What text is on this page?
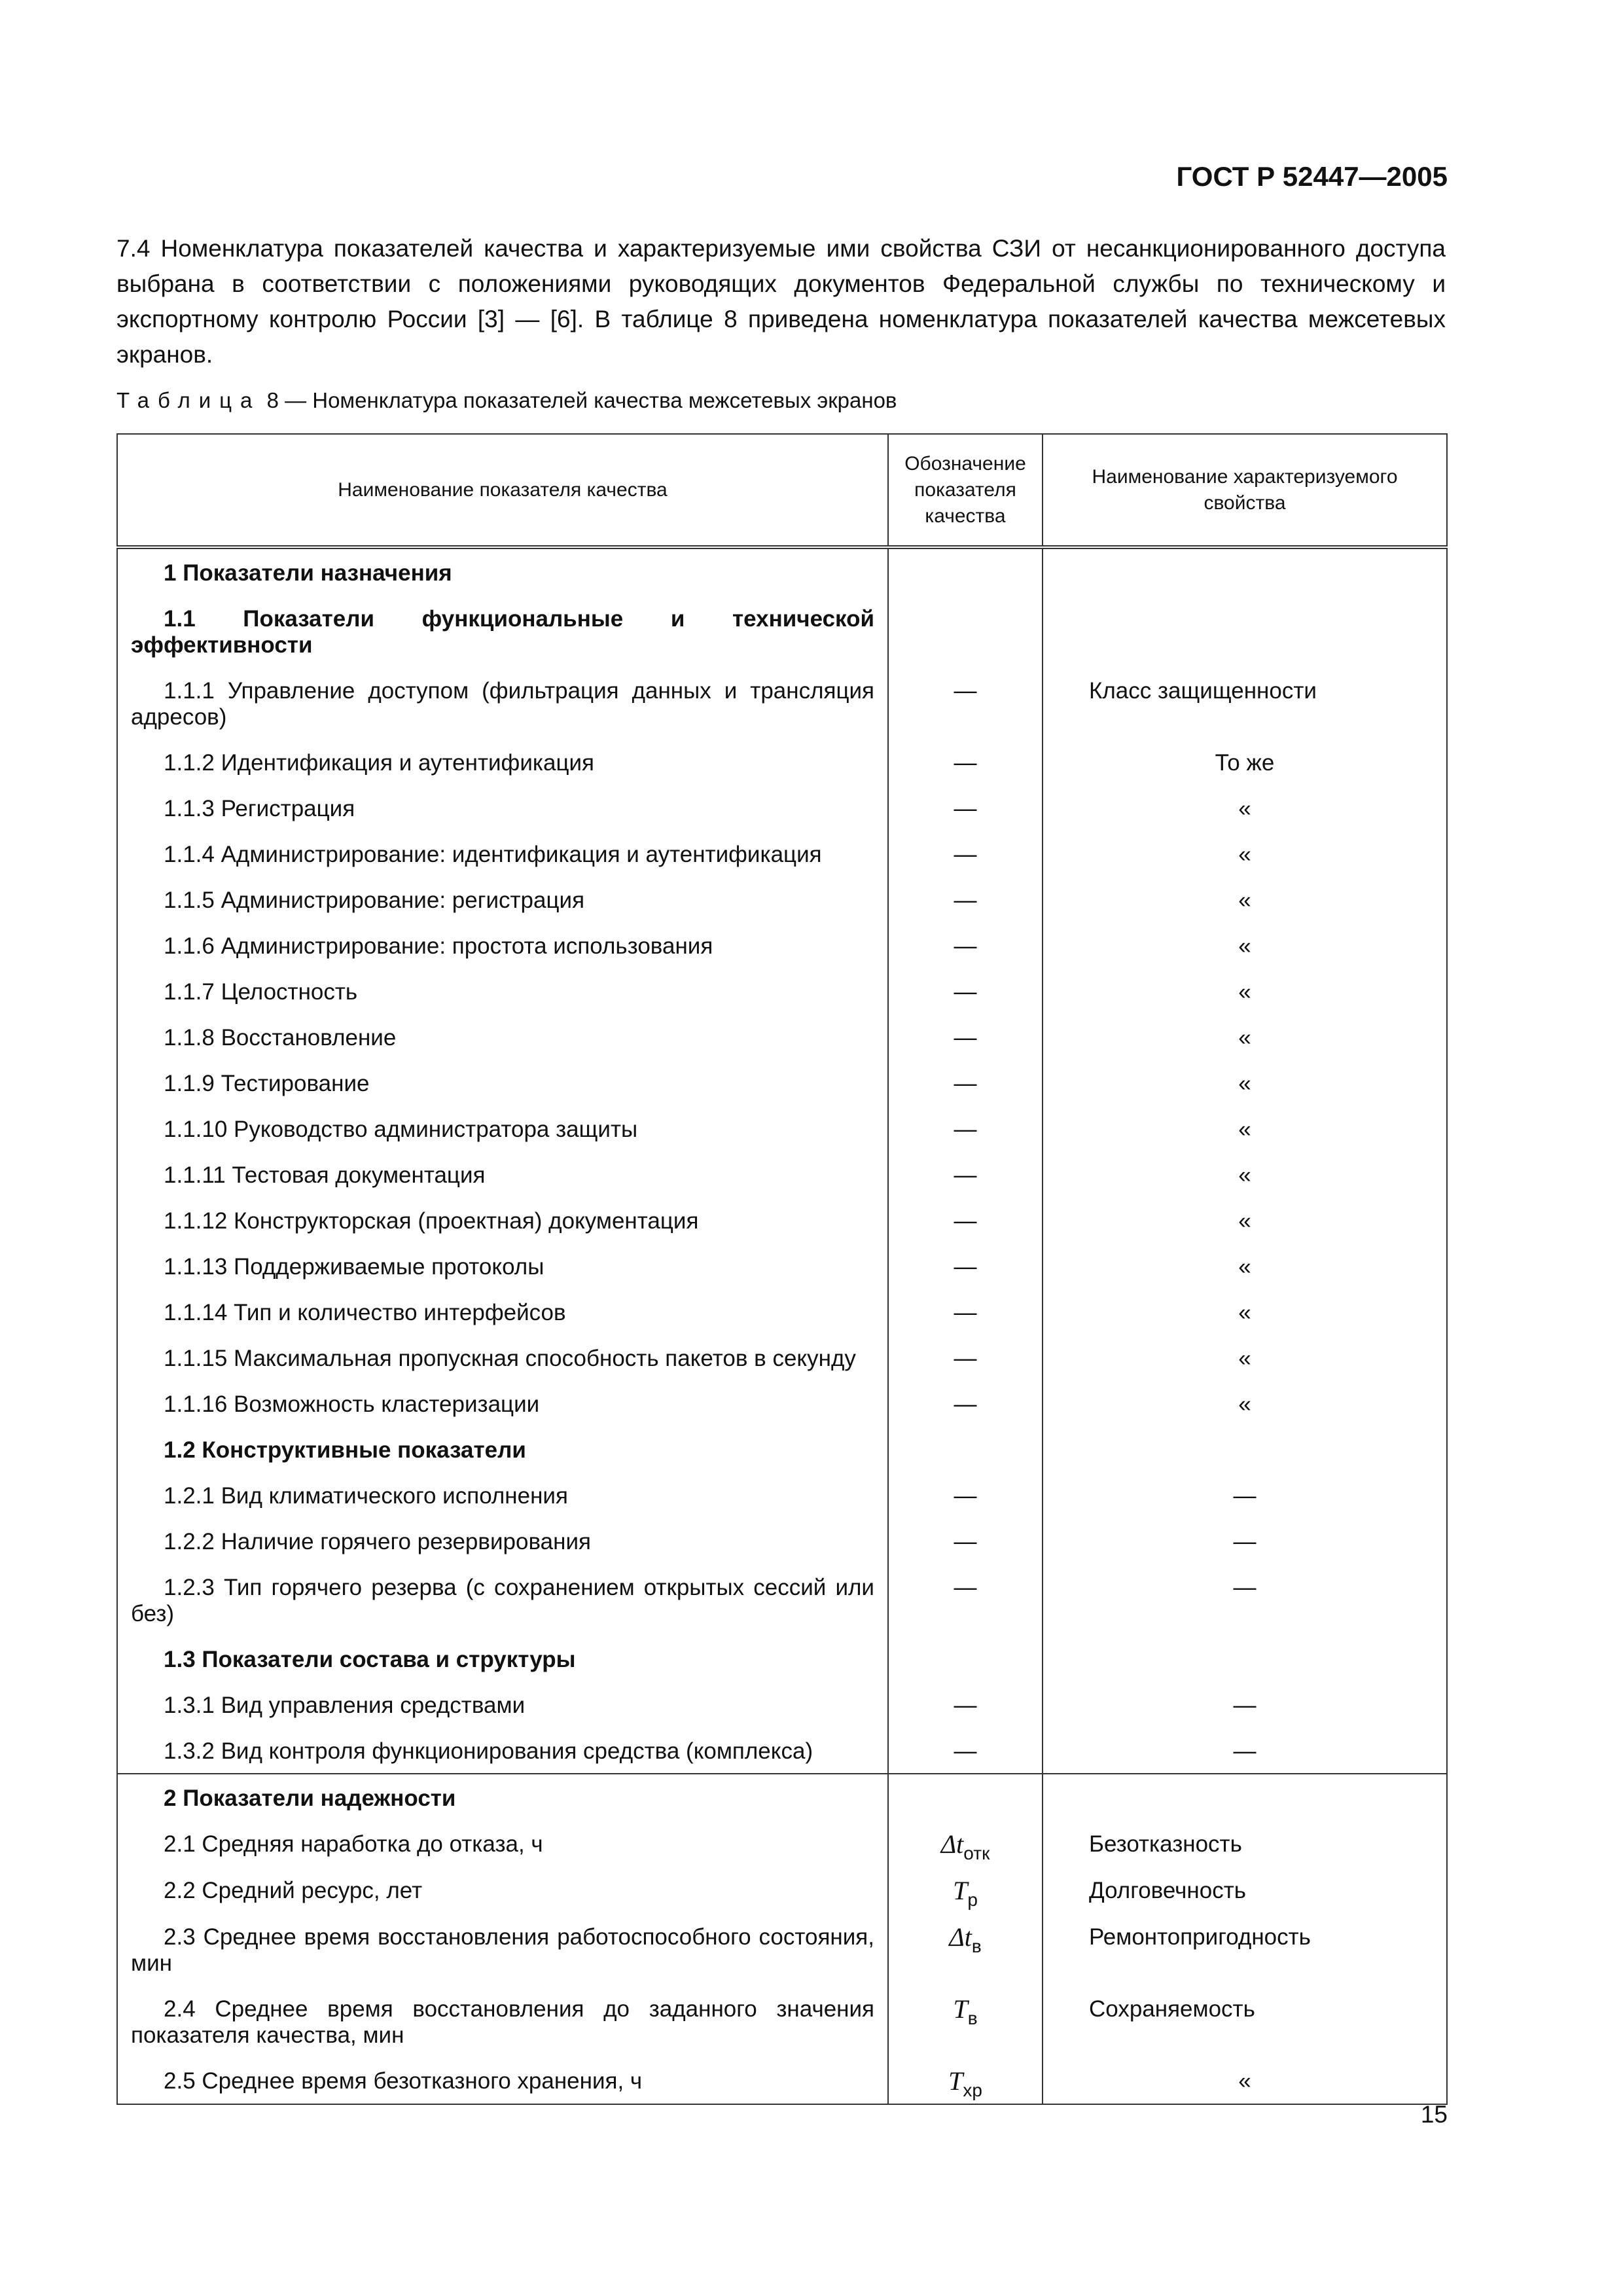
ГОСТ Р 52447—2005

7.4 Номенклатура показателей качества и характеризуемые ими свойства СЗИ от несанкционированного доступа выбрана в соответствии с положениями руководящих документов Федеральной службы по техническому и экспортному контролю России [3] — [6]. В таблице 8 приведена номенклатура показателей качества межсетевых экранов.

Таблица 8 — Номенклатура показателей качества межсетевых экранов
Наименование показателя качества	Обозначение показателя качества	Наименование характеризуемого свойства
1 Показатели назначения		
1.1 Показатели функциональные и технической эффективности		
1.1.1 Управление доступом (фильтрация данных и трансляция адресов)	—	Класс защищенности
1.1.2 Идентификация и аутентификация	—	То же
1.1.3 Регистрация	—	«
1.1.4 Администрирование: идентификация и аутентификация	—	«
1.1.5 Администрирование: регистрация	—	«
1.1.6 Администрирование: простота использования	—	«
1.1.7 Целостность	—	«
1.1.8 Восстановление	—	«
1.1.9 Тестирование	—	«
1.1.10 Руководство администратора защиты	—	«
1.1.11 Тестовая документация	—	«
1.1.12 Конструкторская (проектная) документация	—	«
1.1.13 Поддерживаемые протоколы	—	«
1.1.14 Тип и количество интерфейсов	—	«
1.1.15 Максимальная пропускная способность пакетов в секунду	—	«
1.1.16 Возможность кластеризации	—	«
1.2 Конструктивные показатели		
1.2.1 Вид климатического исполнения	—	—
1.2.2 Наличие горячего резервирования	—	—
1.2.3 Тип горячего резерва (с сохранением открытых сессий или без)	—	—
1.3 Показатели состава и структуры		
1.3.1 Вид управления средствами	—	—
1.3.2 Вид контроля функционирования средства (комплекса)	—	—
2 Показатели надежности		
2.1 Средняя наработка до отказа, ч	$\Delta t_{отк}$	Безотказность
2.2 Средний ресурс, лет	$T_р$	Долговечность
2.3 Среднее время восстановления работоспособного состояния, мин	$\Delta t_в$	Ремонтопригодность
2.4 Среднее время восстановления до заданного значения показателя качества, мин	$T_в$	Сохраняемость
2.5 Среднее время безотказного хранения, ч	$T_{хр}$	«
15
